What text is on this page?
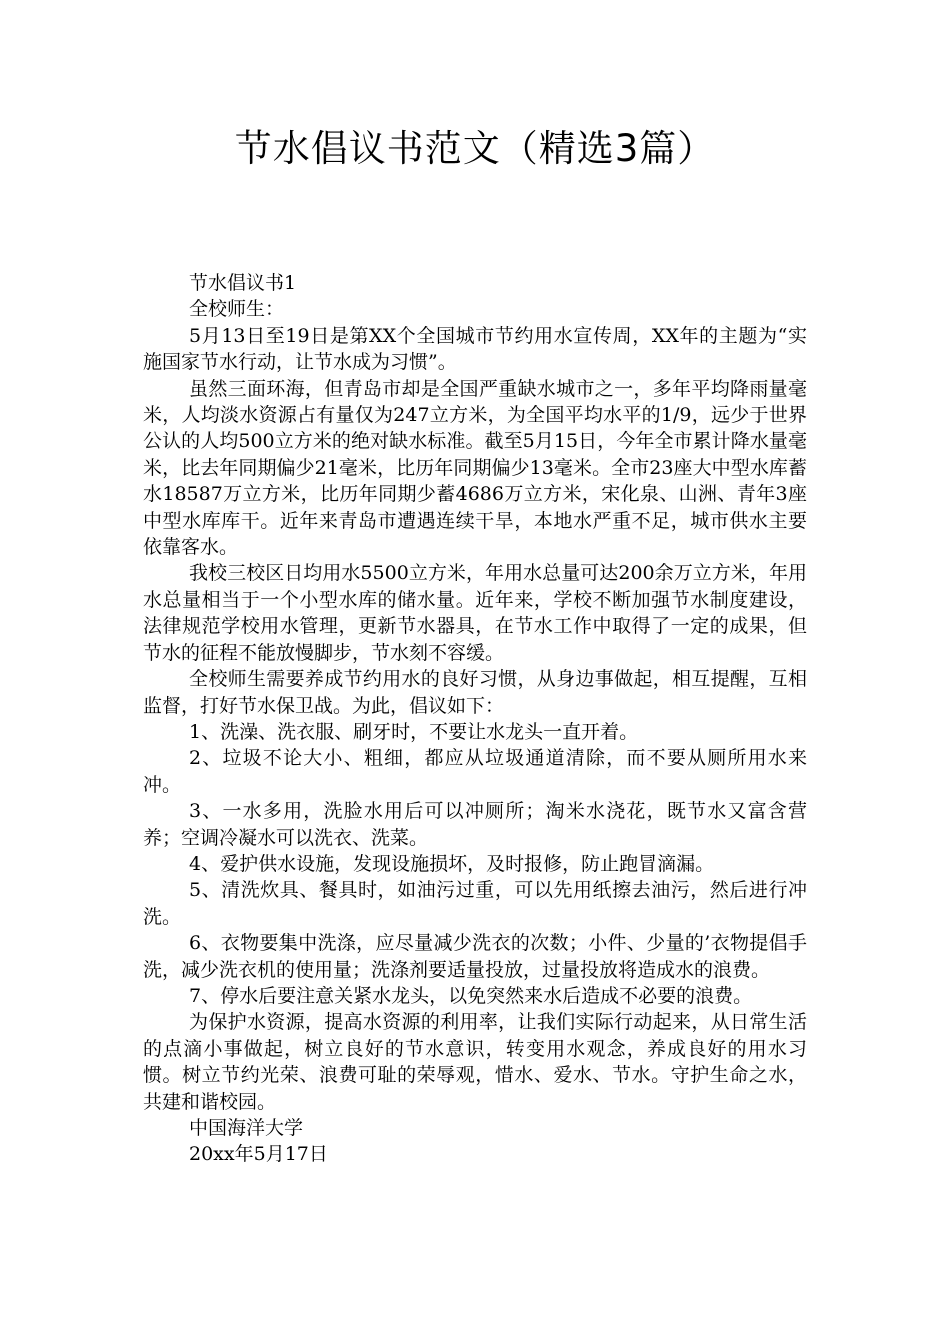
节水倡议书范文（精选3篇）

节水倡议书1

全校师生：

5月13日至19日是第XX个全国城市节约用水宣传周，XX年的主题为“实施国家节水行动，让节水成为习惯”。

虽然三面环海，但青岛市却是全国严重缺水城市之一，多年平均降雨量毫米，人均淡水资源占有量仅为247立方米，为全国平均水平的1/9，远少于世界公认的人均500立方米的绝对缺水标准。截至5月15日，今年全市累计降水量毫米，比去年同期偏少21毫米，比历年同期偏少13毫米。全市23座大中型水库蓄水18587万立方米，比历年同期少蓄4686万立方米，宋化泉、山洲、青年3座中型水库库干。近年来青岛市遭遇连续干旱，本地水严重不足，城市供水主要依靠客水。

我校三校区日均用水5500立方米，年用水总量可达200余万立方米，年用水总量相当于一个小型水库的储水量。近年来，学校不断加强节水制度建设，法律规范学校用水管理，更新节水器具，在节水工作中取得了一定的成果，但节水的征程不能放慢脚步，节水刻不容缓。

全校师生需要养成节约用水的良好习惯，从身边事做起，相互提醒，互相监督，打好节水保卫战。为此，倡议如下：

1、洗澡、洗衣服、刷牙时，不要让水龙头一直开着。

2、垃圾不论大小、粗细，都应从垃圾通道清除，而不要从厕所用水来冲。

3、一水多用，洗脸水用后可以冲厕所；淘米水浇花，既节水又富含营养；空调冷凝水可以洗衣、洗菜。

4、爱护供水设施，发现设施损坏，及时报修，防止跑冒滴漏。

5、清洗炊具、餐具时，如油污过重，可以先用纸擦去油污，然后进行冲洗。

6、衣物要集中洗涤，应尽量减少洗衣的次数；小件、少量的’衣物提倡手洗，减少洗衣机的使用量；洗涤剂要适量投放，过量投放将造成水的浪费。

7、停水后要注意关紧水龙头，以免突然来水后造成不必要的浪费。

为保护水资源，提高水资源的利用率，让我们实际行动起来，从日常生活的点滴小事做起，树立良好的节水意识，转变用水观念，养成良好的用水习惯。树立节约光荣、浪费可耻的荣辱观，惜水、爱水、节水。守护生命之水，共建和谐校园。

中国海洋大学

20xx年5月17日
